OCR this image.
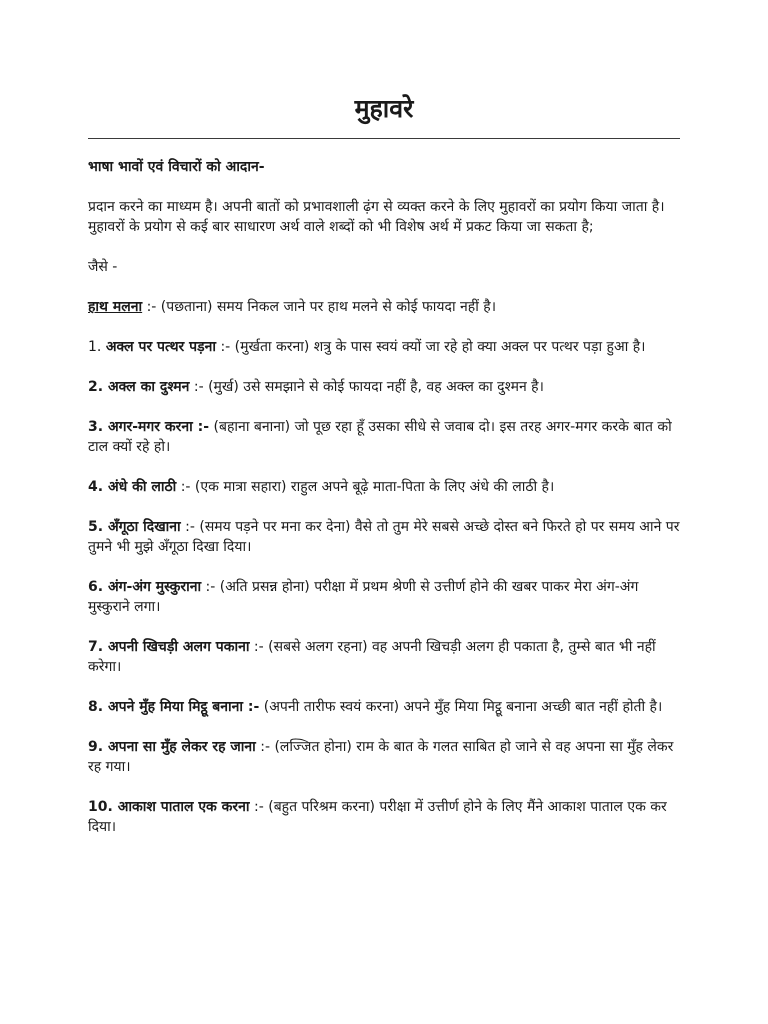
मुहावरे

भाषा भावों एवं विचारों को आदान-

प्रदान करने का माध्यम है। अपनी बातों को प्रभावशाली ढ़ंग से व्यक्त करने के लिए मुहावरों का प्रयोग किया जाता है। मुहावरों के प्रयोग से कई बार साधारण अर्थ वाले शब्दों को भी विशेष अर्थ में प्रकट किया जा सकता है;

जैसे -

हाथ मलना :- (पछताना) समय निकल जाने पर हाथ मलने से कोई फायदा नहीं है।

1. अक्ल पर पत्थर पड़ना :- (मुर्खता करना) शत्रु के पास स्वयं क्यों जा रहे हो क्या अक्ल पर पत्थर पड़ा हुआ है।

2. अक्ल का दुश्मन :- (मुर्ख) उसे समझाने से कोई फायदा नहीं है, वह अक्ल का दुश्मन है।

3. अगर-मगर करना :- (बहाना बनाना) जो पूछ रहा हूँ उसका सीधे से जवाब दो। इस तरह अगर-मगर करके बात को टाल क्यों रहे हो।

4. अंधे की लाठी :- (एक मात्रा सहारा) राहुल अपने बूढ़े माता-पिता के लिए अंधे की लाठी है।

5. अँगूठा दिखाना :- (समय पड़ने पर मना कर देना) वैसे तो तुम मेरे सबसे अच्छे दोस्त बने फिरते हो पर समय आने पर तुमने भी मुझे अँगूठा दिखा दिया।

6. अंग-अंग मुस्कुराना :- (अति प्रसन्न होना) परीक्षा में प्रथम श्रेणी से उत्तीर्ण होने की खबर पाकर मेरा अंग-अंग मुस्कुराने लगा।

7. अपनी खिचड़ी अलग पकाना :- (सबसे अलग रहना) वह अपनी खिचड़ी अलग ही पकाता है, तुम्से बात भी नहीं करेगा।

8. अपने मुँह मिया मिट्ठू बनाना :- (अपनी तारीफ स्वयं करना) अपने मुँह मिया मिट्ठू बनाना अच्छी बात नहीं होती है।

9. अपना सा मुँह लेकर रह जाना :- (लज्जित होना) राम के बात के गलत साबित हो जाने से वह अपना सा मुँह लेकर रह गया।

10. आकाश पाताल एक करना :- (बहुत परिश्रम करना) परीक्षा में उत्तीर्ण होने के लिए मैंने आकाश पाताल एक कर दिया।
